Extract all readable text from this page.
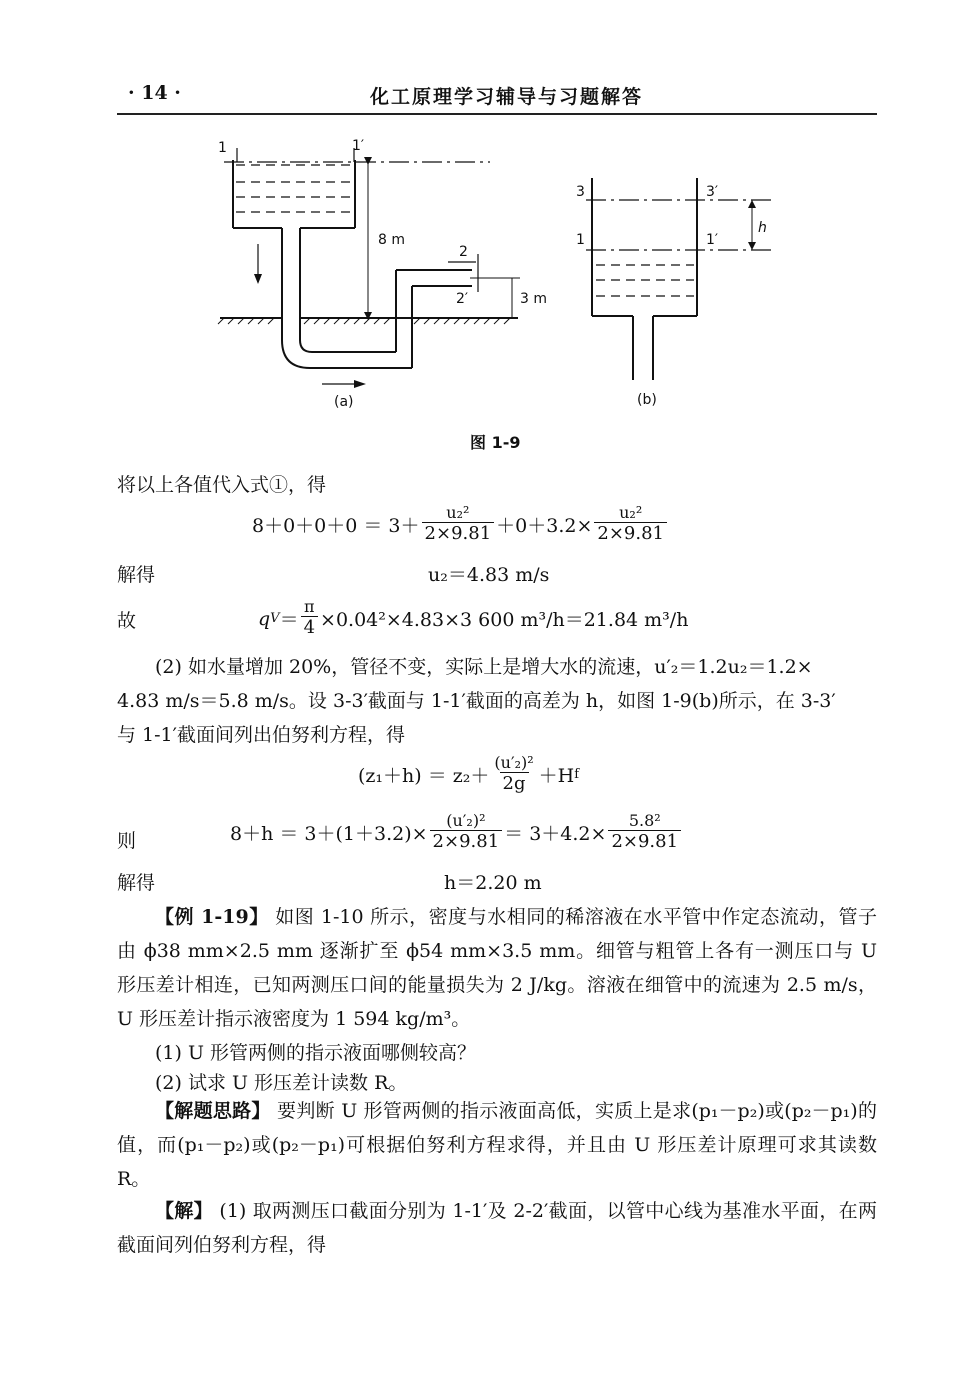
· 14 ·	化工原理学习辅导与习题解答
1	1′
8 m
2
2′	3 m
(a)
3	3′
1	1′
h
(b)
图 1-9
将以上各值代入式①，得
$8+0+0+0 = 3+ \frac{\text{u₂²}}{2\times 9.81} +0+3.2\times \frac{\text{u₂²}}{2\times 9.81}$
解得	u₂＝4.83 m/s
故	q $V = \frac{\pi}{4} \times 0.04^2\times 4.83\times 3$ 600 m³/h＝21.84 m³/h
(2) 如水量增加 20%，管径不变，实际上是增大水的流速，u′₂＝1.2u₂＝1.2×
4.83 m/s＝5.8 m/s。设 3-3′截面与 1-1′截面的高差为 h，如图 1-9(b)所示，在 3-3′
与 1-1′截面间列出伯努利方程，得
$(z_1+h) = z_2+ \frac{\text{(u′₂)²}}{2g} +H$ f
则	$8+h = 3+(1+3.2)\times \frac{\text{(u′₂)²}}{2\times 9.81} = 3+4.2\times \frac{\text{5.8²}}{2\times 9.81}$
解得	h＝2.20 m
【例 1-19】 如图 1-10 所示，密度与水相同的稀溶液在水平管中作定态流动，管子由 ϕ38 mm×2.5 mm 逐渐扩至 ϕ54 mm×3.5 mm。细管与粗管上各有一测压口与 U 形压差计相连，已知两测压口间的能量损失为 2 J/kg。溶液在细管中的流速为 2.5 m/s，U 形压差计指示液密度为 1 594 kg/m³。
(1) U 形管两侧的指示液面哪侧较高？
(2) 试求 U 形压差计读数 R。
【解题思路】 要判断 U 形管两侧的指示液面高低，实质上是求(p₁－p₂)或(p₂－p₁)的值，而(p₁－p₂)或(p₂－p₁)可根据伯努利方程求得，并且由 U 形压差计原理可求其读数 R。
【解】 (1) 取两测压口截面分别为 1-1′及 2-2′截面，以管中心线为基准水平面，在两截面间列伯努利方程，得
